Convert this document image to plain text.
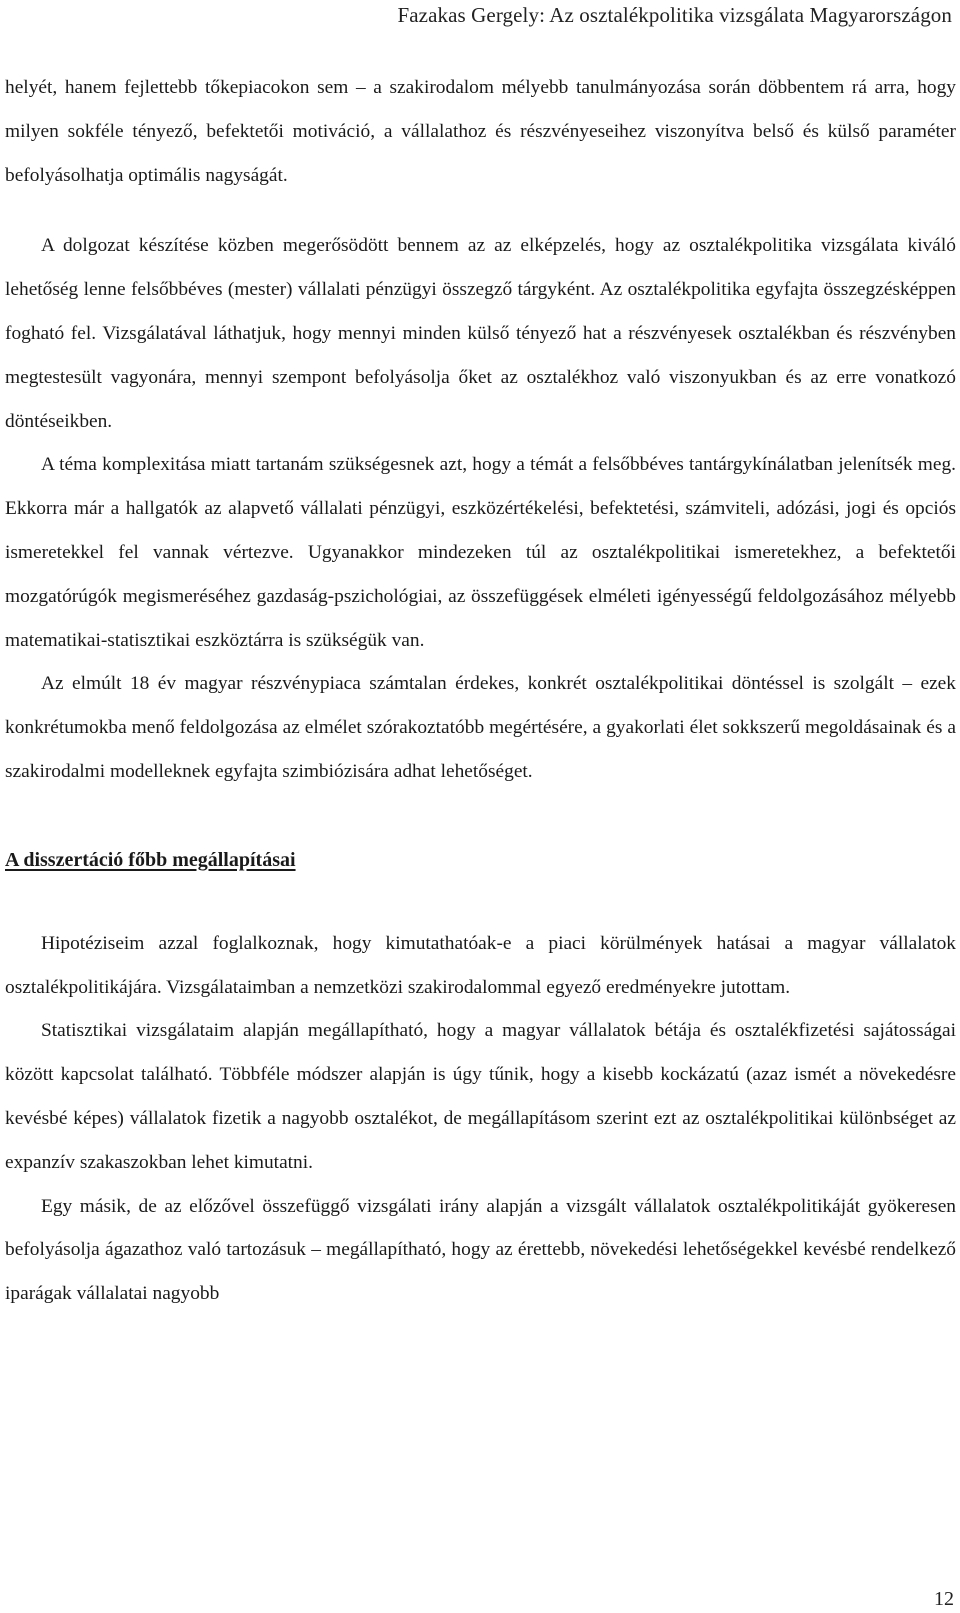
Fazakas Gergely: Az osztalékpolitika vizsgálata Magyarországon

helyét, hanem fejlettebb tőkepiacokon sem – a szakirodalom mélyebb tanulmányozása során döbbentem rá arra, hogy milyen sokféle tényező, befektetői motiváció, a vállalathoz és részvényeseihez viszonyítva belső és külső paraméter befolyásolhatja optimális nagyságát.

A dolgozat készítése közben megerősödött bennem az az elképzelés, hogy az osztalékpolitika vizsgálata kiváló lehetőség lenne felsőbbéves (mester) vállalati pénzügyi összegző tárgyként. Az osztalékpolitika egyfajta összegzésképpen fogható fel. Vizsgálatával láthatjuk, hogy mennyi minden külső tényező hat a részvényesek osztalékban és részvényben megtestesült vagyonára, mennyi szempont befolyásolja őket az osztalékhoz való viszonyukban és az erre vonatkozó döntéseikben.

A téma komplexitása miatt tartanám szükségesnek azt, hogy a témát a felsőbbéves tantárgykínálatban jelenítsék meg. Ekkorra már a hallgatók az alapvető vállalati pénzügyi, eszközértékelési, befektetési, számviteli, adózási, jogi és opciós ismeretekkel fel vannak vértezve. Ugyanakkor mindezeken túl az osztalékpolitikai ismeretekhez, a befektetői mozgatórúgók megismeréséhez gazdaság-pszichológiai, az összefüggések elméleti igényességű feldolgozásához mélyebb matematikai-statisztikai eszköztárra is szükségük van.

Az elmúlt 18 év magyar részvénypiaca számtalan érdekes, konkrét osztalékpolitikai döntéssel is szolgált – ezek konkrétumokba menő feldolgozása az elmélet szórakoztatóbb megértésére, a gyakorlati élet sokkszerű megoldásainak és a szakirodalmi modelleknek egyfajta szimbiózisára adhat lehetőséget.

A disszertáció főbb megállapításai

Hipotéziseim azzal foglalkoznak, hogy kimutathatóak-e a piaci körülmények hatásai a magyar vállalatok osztalékpolitikájára. Vizsgálataimban a nemzetközi szakirodalommal egyező eredményekre jutottam.

Statisztikai vizsgálataim alapján megállapítható, hogy a magyar vállalatok bétája és osztalékfizetési sajátosságai között kapcsolat található. Többféle módszer alapján is úgy tűnik, hogy a kisebb kockázatú (azaz ismét a növekedésre kevésbé képes) vállalatok fizetik a nagyobb osztalékot, de megállapításom szerint ezt az osztalékpolitikai különbséget az expanzív szakaszokban lehet kimutatni.

Egy másik, de az előzővel összefüggő vizsgálati irány alapján a vizsgált vállalatok osztalékpolitikáját gyökeresen befolyásolja ágazathoz való tartozásuk – megállapítható, hogy az érettebb, növekedési lehetőségekkel kevésbé rendelkező iparágak vállalatai nagyobb

12
